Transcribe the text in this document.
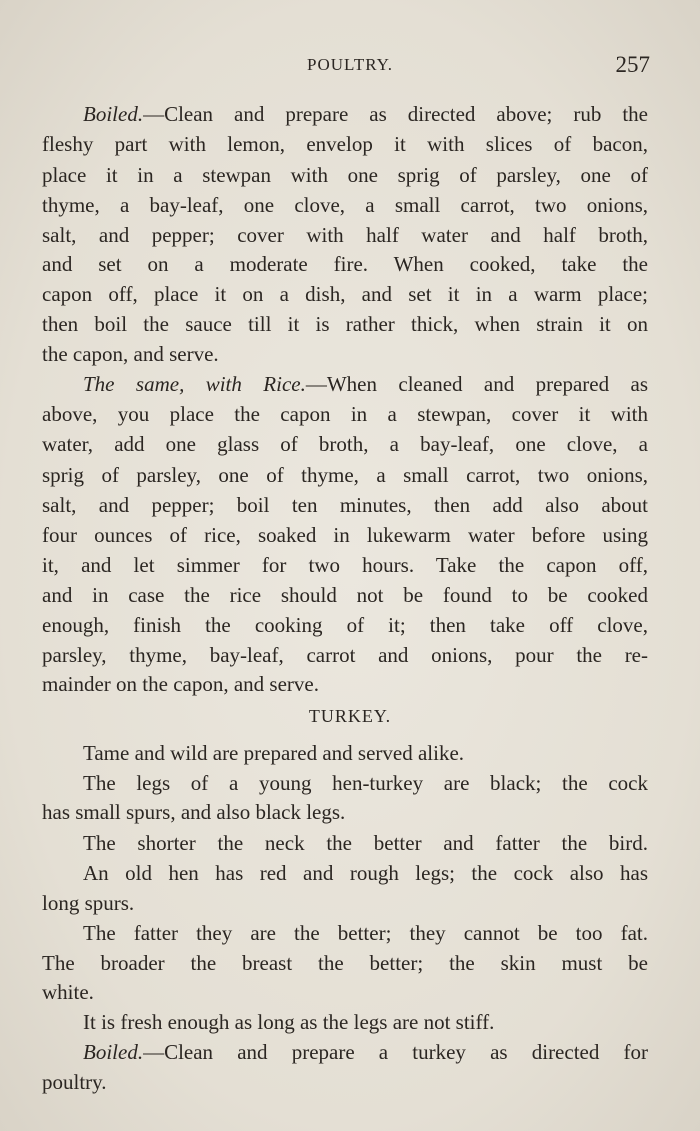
POULTRY.	257
Boiled.—Clean and prepare as directed above; rub the
fleshy part with lemon, envelop it with slices of bacon,
place it in a stewpan with one sprig of parsley, one of
thyme, a bay-leaf, one clove, a small carrot, two onions,
salt, and pepper; cover with half water and half broth,
and set on a moderate fire. When cooked, take the
capon off, place it on a dish, and set it in a warm place;
then boil the sauce till it is rather thick, when strain it on
the capon, and serve.
The same, with Rice.—When cleaned and prepared as
above, you place the capon in a stewpan, cover it with
water, add one glass of broth, a bay-leaf, one clove, a
sprig of parsley, one of thyme, a small carrot, two onions,
salt, and pepper; boil ten minutes, then add also about
four ounces of rice, soaked in lukewarm water before using
it, and let simmer for two hours. Take the capon off,
and in case the rice should not be found to be cooked
enough, finish the cooking of it; then take off clove,
parsley, thyme, bay-leaf, carrot and onions, pour the re-
mainder on the capon, and serve.
TURKEY.
Tame and wild are prepared and served alike.
The legs of a young hen-turkey are black; the cock
has small spurs, and also black legs.
The shorter the neck the better and fatter the bird.
An old hen has red and rough legs; the cock also has
long spurs.
The fatter they are the better; they cannot be too fat.
The broader the breast the better; the skin must be
white.
It is fresh enough as long as the legs are not stiff.
Boiled.—Clean and prepare a turkey as directed for
poultry.
